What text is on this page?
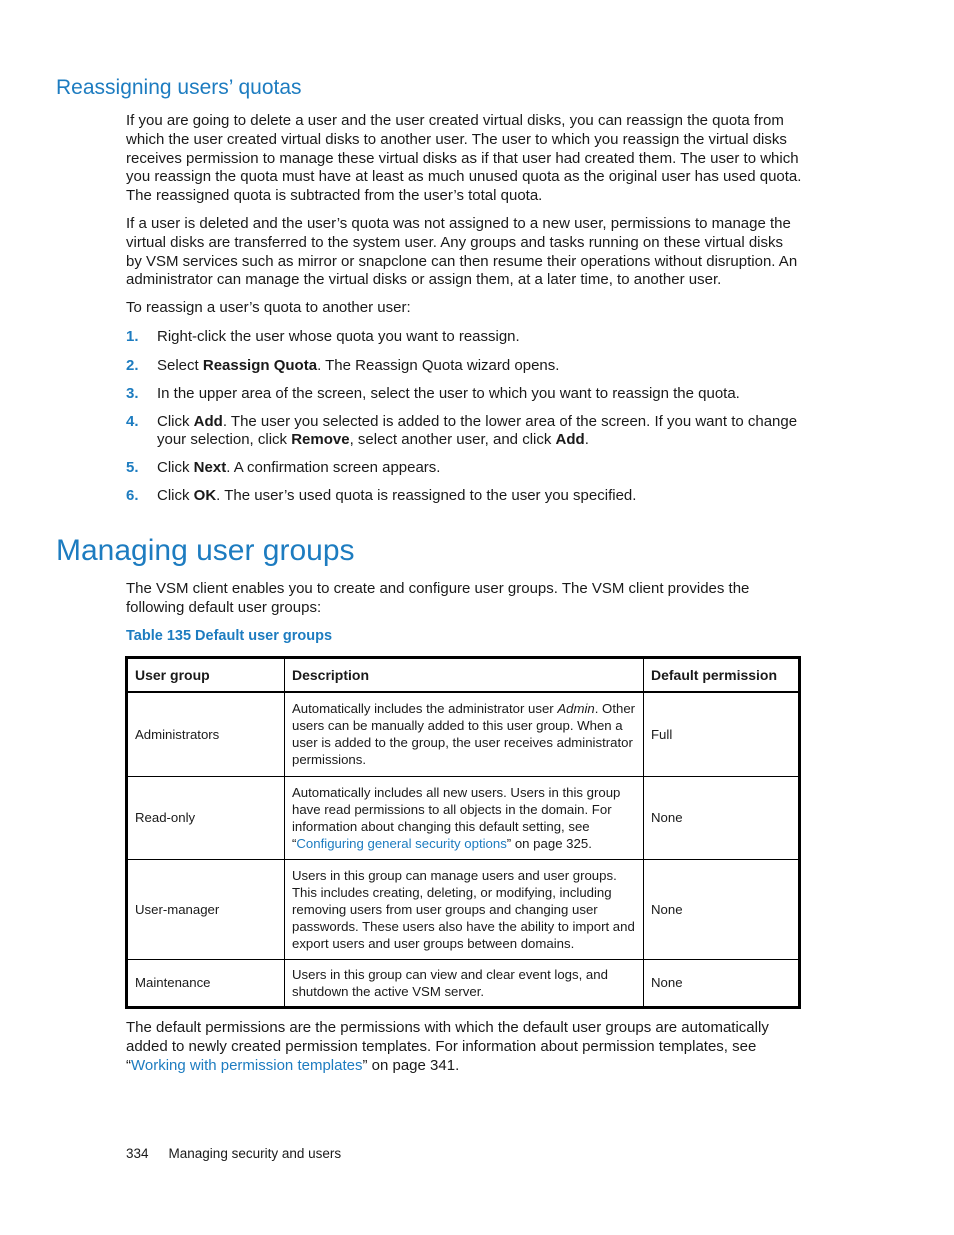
Reassigning users’ quotas

If you are going to delete a user and the user created virtual disks, you can reassign the quota from which the user created virtual disks to another user. The user to which you reassign the virtual disks receives permission to manage these virtual disks as if that user had created them. The user to which you reassign the quota must have at least as much unused quota as the original user has used quota. The reassigned quota is subtracted from the user’s total quota.

If a user is deleted and the user’s quota was not assigned to a new user, permissions to manage the virtual disks are transferred to the system user. Any groups and tasks running on these virtual disks by VSM services such as mirror or snapclone can then resume their operations without disruption. An administrator can manage the virtual disks or assign them, at a later time, to another user.

To reassign a user’s quota to another user:

1.	Right-click the user whose quota you want to reassign.
2.	Select Reassign Quota. The Reassign Quota wizard opens.
3.	In the upper area of the screen, select the user to which you want to reassign the quota.
4.	Click Add. The user you selected is added to the lower area of the screen. If you want to change your selection, click Remove, select another user, and click Add.
5.	Click Next. A confirmation screen appears.
6.	Click OK. The user’s used quota is reassigned to the user you specified.
Managing user groups

The VSM client enables you to create and configure user groups. The VSM client provides the following default user groups:

Table 135 Default user groups
User group	Description	Default permission
Administrators	Automatically includes the administrator user Admin. Other users can be manually added to this user group. When a user is added to the group, the user receives administrator permissions.	Full
Read-only	Automatically includes all new users. Users in this group have read permissions to all objects in the domain. For information about changing this default setting, see “Configuring general security options” on page 325.	None
User-manager	Users in this group can manage users and user groups. This includes creating, deleting, or modifying, including removing users from user groups and changing user passwords. These users also have the ability to import and export users and user groups between domains.	None
Maintenance	Users in this group can view and clear event logs, and shutdown the active VSM server.	None

The default permissions are the permissions with which the default user groups are automatically added to newly created permission templates. For information about permission templates, see “Working with permission templates” on page 341.

334 Managing security and users
